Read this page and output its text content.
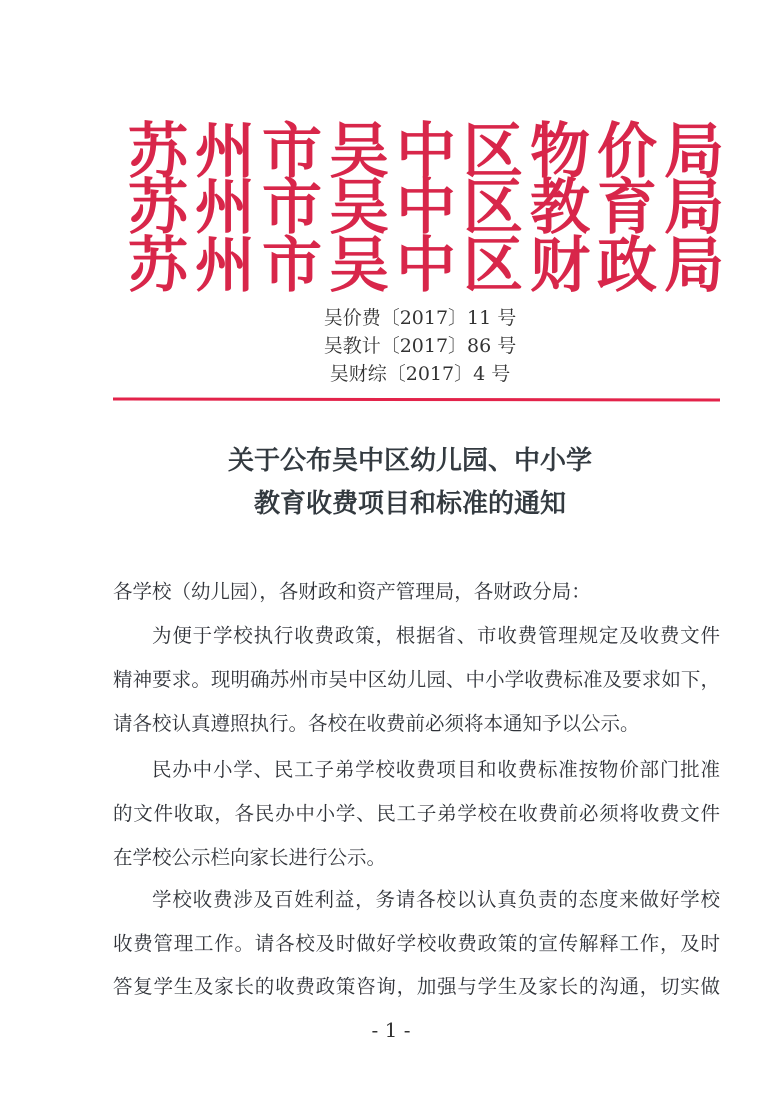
苏 州 市 吴 中 区 物 价 局
苏 州 市 吴 中 区 教 育 局
苏 州 市 吴 中 区 财 政 局
吴价费〔2017〕11 号
吴教计〔2017〕86 号
吴财综〔2017〕4 号
关于公布吴中区幼儿园、中小学
教育收费项目和标准的通知
各学校（幼儿园），各财政和资产管理局，各财政分局：
为便于学校执行收费政策，根据省、市收费管理规定及收费文件
精神要求。现明确苏州市吴中区幼儿园、中小学收费标准及要求如下，
请各校认真遵照执行。各校在收费前必须将本通知予以公示。
民办中小学、民工子弟学校收费项目和收费标准按物价部门批准
的文件收取，各民办中小学、民工子弟学校在收费前必须将收费文件
在学校公示栏向家长进行公示。
学校收费涉及百姓利益，务请各校以认真负责的态度来做好学校
收费管理工作。请各校及时做好学校收费政策的宣传解释工作，及时
答复学生及家长的收费政策咨询，加强与学生及家长的沟通，切实做
- 1 -
